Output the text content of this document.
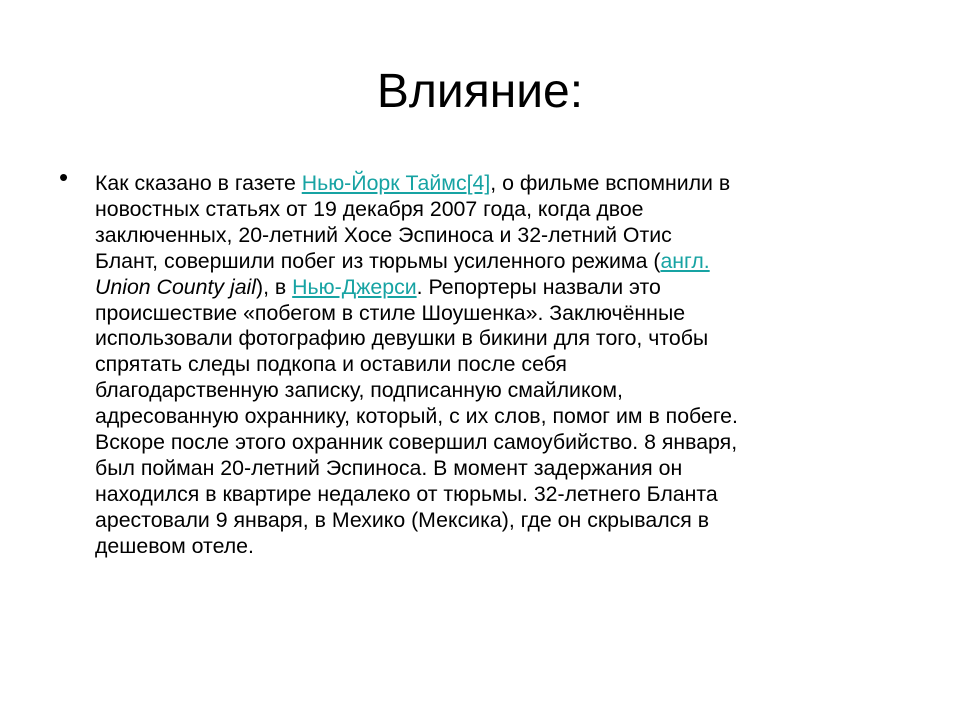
Влияние:
• Как сказано в газете Нью-Йорк Таймс[4], о фильме вспомнили в
новостных статьях от 19 декабря 2007 года, когда двое
заключенных, 20-летний Хосе Эспиноса и 32-летний Отис
Блант, совершили побег из тюрьмы усиленного режима (англ.
Union County jail), в Нью-Джерси. Репортеры назвали это
происшествие «побегом в стиле Шоушенка». Заключённые
использовали фотографию девушки в бикини для того, чтобы
спрятать следы подкопа и оставили после себя
благодарственную записку, подписанную смайликом,
адресованную охраннику, который, с их слов, помог им в побеге.
Вскоре после этого охранник совершил самоубийство. 8 января,
был пойман 20-летний Эспиноса. В момент задержания он
находился в квартире недалеко от тюрьмы. 32-летнего Бланта
арестовали 9 января, в Мехико (Мексика), где он скрывался в
дешевом отеле.
